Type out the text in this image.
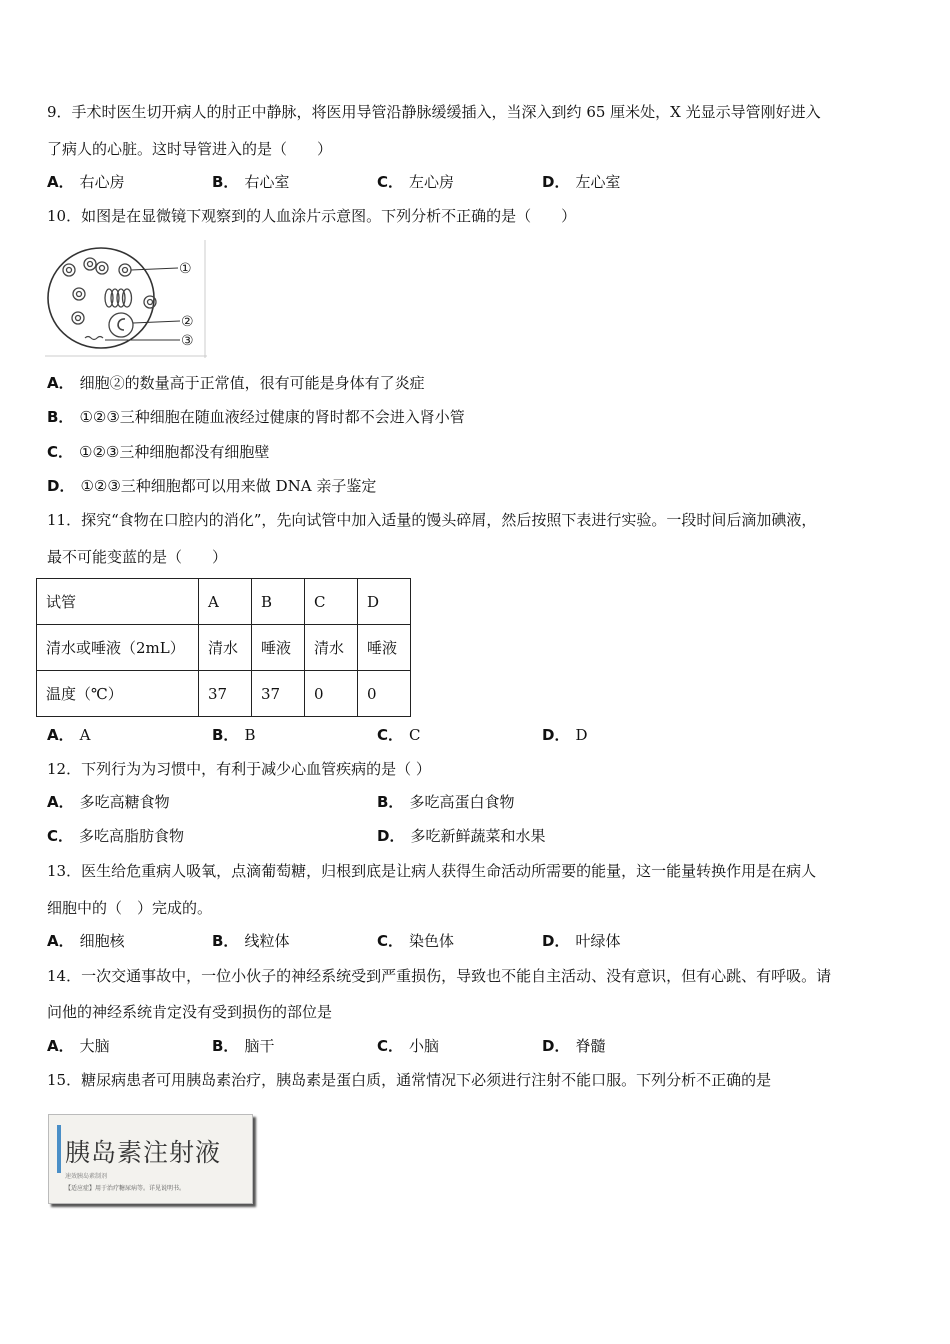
9．手术时医生切开病人的肘正中静脉，将医用导管沿静脉缓缓插入，当深入到约 65 厘米处，X 光显示导管刚好进入
了病人的心脏。这时导管进入的是（　　）
A． 右心房	B． 右心室	C． 左心房	D． 左心室
10．如图是在显微镜下观察到的人血涂片示意图。下列分析不正确的是（　　）
①
②
③
A． 细胞②的数量高于正常值，很有可能是身体有了炎症
B． ①②③三种细胞在随血液经过健康的肾时都不会进入肾小管
C． ①②③三种细胞都没有细胞壁
D． ①②③三种细胞都可以用来做 DNA 亲子鉴定
11．探究“食物在口腔内的消化”，先向试管中加入适量的馒头碎屑，然后按照下表进行实验。一段时间后滴加碘液，
最不可能变蓝的是（　　）
试管	A	B	C	D
清水或唾液（2mL）	清水	唾液	清水	唾液
温度（℃）	37	37	0	0
A． A	B． B	C． C	D． D
12．下列行为为习惯中，有利于减少心血管疾病的是（ ）
A． 多吃高糖食物	B． 多吃高蛋白食物
C． 多吃高脂肪食物	D． 多吃新鲜蔬菜和水果
13．医生给危重病人吸氧，点滴葡萄糖，归根到底是让病人获得生命活动所需要的能量，这一能量转换作用是在病人
细胞中的（　）完成的。
A． 细胞核	B． 线粒体	C． 染色体	D． 叶绿体
14．一次交通事故中，一位小伙子的神经系统受到严重损伤，导致也不能自主活动、没有意识，但有心跳、有呼吸。请
问他的神经系统肯定没有受到损伤的部位是
A． 大脑	B． 脑干	C． 小脑	D． 脊髓
15．糖尿病患者可用胰岛素治疗，胰岛素是蛋白质，通常情况下必须进行注射不能口服。下列分析不正确的是
胰岛素注射液
速效胰岛素制剂
【适应症】用于治疗糖尿病等。详见说明书。
